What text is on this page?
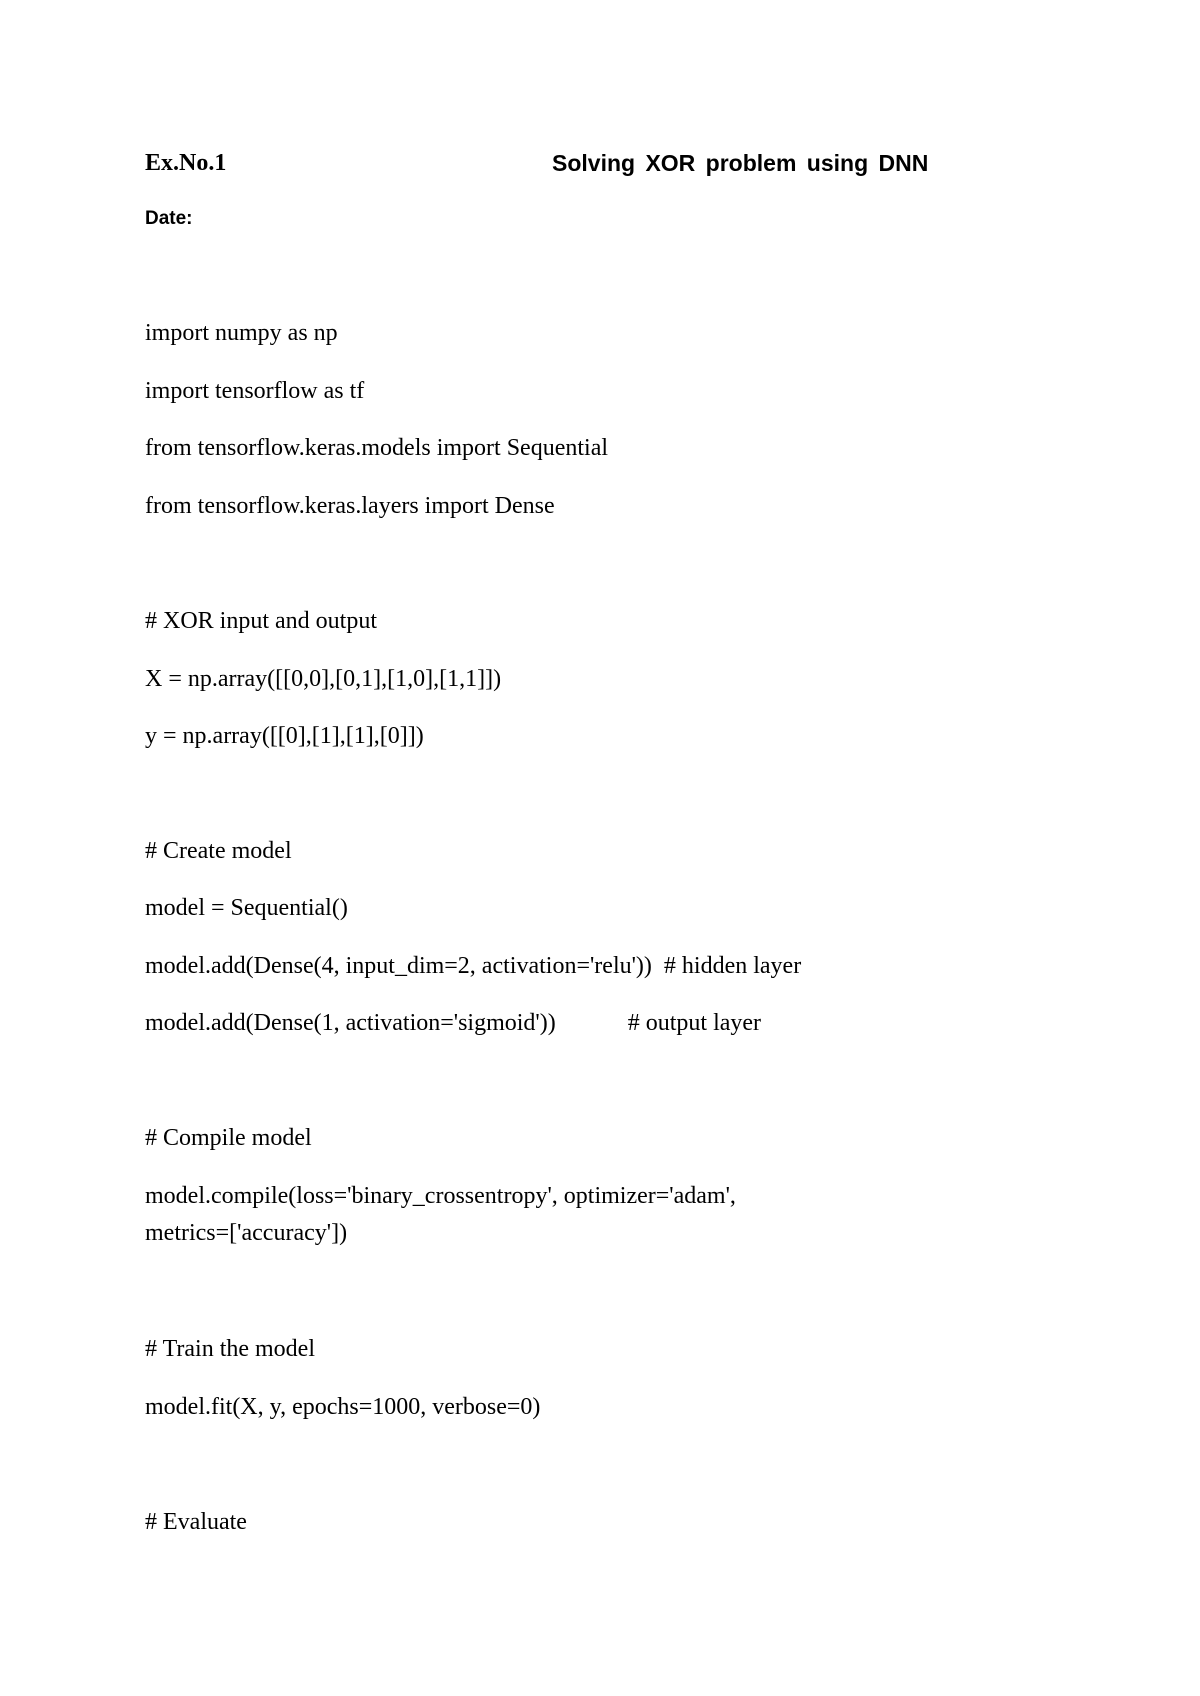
Ex.No.1	Solving XOR problem using DNN
Date:
import numpy as np
import tensorflow as tf
from tensorflow.keras.models import Sequential
from tensorflow.keras.layers import Dense
# XOR input and output
X = np.array([[0,0],[0,1],[1,0],[1,1]])
y = np.array([[0],[1],[1],[0]])
# Create model
model = Sequential()
model.add(Dense(4, input_dim=2, activation='relu'))  # hidden layer
model.add(Dense(1, activation='sigmoid'))            # output layer
# Compile model
model.compile(loss='binary_crossentropy', optimizer='adam',
metrics=['accuracy'])
# Train the model
model.fit(X, y, epochs=1000, verbose=0)
# Evaluate
